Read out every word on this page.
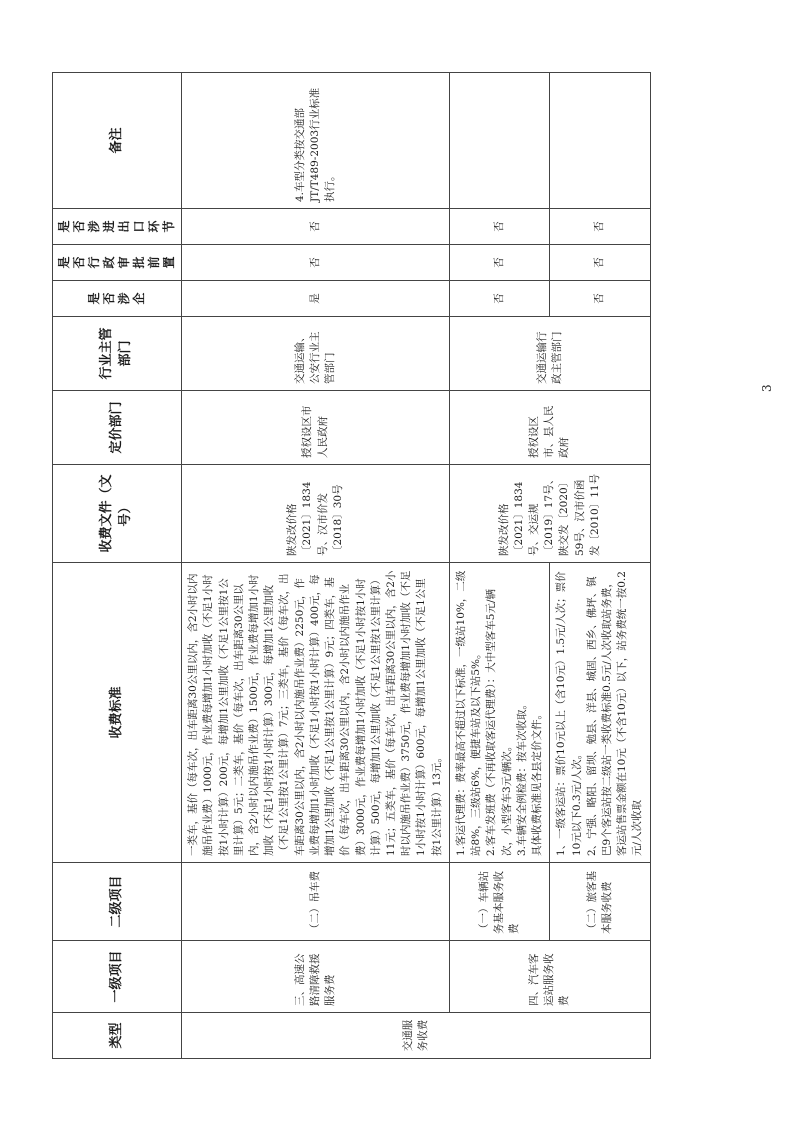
类型	一级项目	二级项目	收费标准	收费文件（文号）	定价部门	行业主管部门	是否涉企	是否行政审批前置	是否涉进出口环节	备注
交通服务收费	三、高速公路清障救援服务费	（二）吊车费	一类车，基价（每车次，出车距离30公里以内，含2小时以内施吊作业费）1000元，作业费每增加1小时加收（不足1小时按1小时计算）200元，每增加1公里加收（不足1公里按1公里计算）5元；二类车，基价（每车次，出车距离30公里以内，含2小时以内施吊作业费）1500元，作业费每增加1小时加收（不足1小时按1小时计算）300元，每增加1公里加收（不足1公里按1公里计算）7元；三类车，基价（每车次，出车距离30公里以内，含2小时以内施吊作业费）2250元，作业费每增加1小时加收（不足1小时按1小时计算）400元，每增加1公里加收（不足1公里按1公里计算）9元；四类车，基价（每车次，出车距离30公里以内，含2小时以内施吊作业费）3000元，作业费每增加1小时加收（不足1小时按1小时计算）500元，每增加1公里加收（不足1公里按1公里计算）11元；五类车，基价（每车次，出车距离30公里以内，含2小时以内施吊作业费）3750元，作业费每增加1小时加收（不足1小时按1小时计算）600元，每增加1公里加收（不足1公里按1公里计算）13元。	陕发改价格〔2021〕1834号、汉市价发〔2018〕30号	授权设区市人民政府	交通运输、公安行业主管部门	是	否	否	4.车型分类按交通部JT/T489-2003行业标准执行。
	四、汽车客运站服务收费	（一）车辆站务基本服务收费	1.客运代理费：费率最高不超过以下标准，一级站10%，二级站8%，三级站6%，便捷车站及以下站5%。 2.客车发班费（不再收取客运代理费）：大中型客车5元/辆次，小型客车3元/辆次。 3.车辆安全例检费：按车次收取。 具体收费标准见各县定价文件。	陕发改价格〔2021〕1834号、交运规〔2019〕17号、陕交发〔2020〕59号、汉市价函发〔2010〕11号	授权设区市、县人民政府	交通运输行政主管部门	否	否	否	
		（二）旅客基本服务收费	1、一级客运站：票价10元以上（含10元）1.5元/人次；票价10元以下0.3元/人次。 2、宁强、略阳、留坝、勉县、洋县、城固、西乡、佛坪、镇巴9个客运站按二级站一类收费标准0.5元/人次收取站务费，客运站售票金额在10元（不含10元）以下，站务费统一按0.2元/人次收取				否	否	否	
3
